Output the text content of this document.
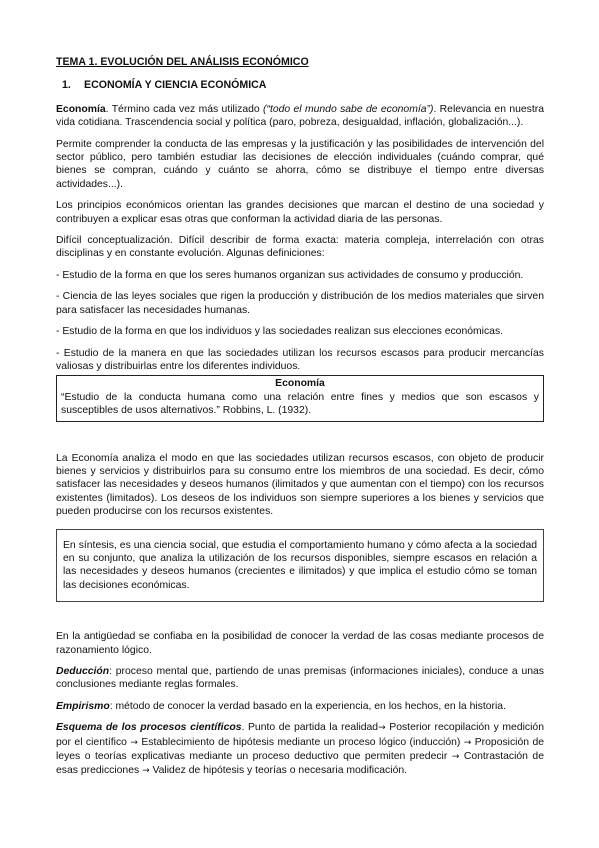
TEMA 1. EVOLUCIÓN DEL ANÁLISIS ECONÓMICO
1. ECONOMÍA Y CIENCIA ECONÓMICA

Economía. Término cada vez más utilizado (“todo el mundo sabe de economía”). Relevancia en nuestra vida cotidiana. Trascendencia social y política (paro, pobreza, desigualdad, inflación, globalización...).

Permite comprender la conducta de las empresas y la justificación y las posibilidades de intervención del sector público, pero también estudiar las decisiones de elección individuales (cuándo comprar, qué bienes se compran, cuándo y cuánto se ahorra, cómo se distribuye el tiempo entre diversas actividades...).

Los principios económicos orientan las grandes decisiones que marcan el destino de una sociedad y contribuyen a explicar esas otras que conforman la actividad diaria de las personas.

Difícil conceptualización. Difícil describir de forma exacta: materia compleja, interrelación con otras disciplinas y en constante evolución. Algunas definiciones:

- Estudio de la forma en que los seres humanos organizan sus actividades de consumo y producción.

- Ciencia de las leyes sociales que rigen la producción y distribución de los medios materiales que sirven para satisfacer las necesidades humanas.

- Estudio de la forma en que los individuos y las sociedades realizan sus elecciones económicas.

- Estudio de la manera en que las sociedades utilizan los recursos escasos para producir mercancías valiosas y distribuirlas entre los diferentes individuos.

Economía
“Estudio de la conducta humana como una relación entre fines y medios que son escasos y susceptibles de usos alternativos.” Robbins, L. (1932).

La Economía analiza el modo en que las sociedades utilizan recursos escasos, con objeto de producir bienes y servicios y distribuirlos para su consumo entre los miembros de una sociedad. Es decir, cómo satisfacer las necesidades y deseos humanos (ilimitados y que aumentan con el tiempo) con los recursos existentes (limitados). Los deseos de los individuos son siempre superiores a los bienes y servicios que pueden producirse con los recursos existentes.

En síntesis, es una ciencia social, que estudia el comportamiento humano y cómo afecta a la sociedad en su conjunto, que analiza la utilización de los recursos disponibles, siempre escasos en relación a las necesidades y deseos humanos (crecientes e ilimitados) y que implica el estudio cómo se toman las decisiones económicas.

En la antigüedad se confiaba en la posibilidad de conocer la verdad de las cosas mediante procesos de razonamiento lógico.

Deducción: proceso mental que, partiendo de unas premisas (informaciones iniciales), conduce a unas conclusiones mediante reglas formales.

Empirismo: método de conocer la verdad basado en la experiencia, en los hechos, en la historia.

Esquema de los procesos científicos. Punto de partida la realidad→ Posterior recopilación y medición por el científico → Establecimiento de hipótesis mediante un proceso lógico (inducción) → Proposición de leyes o teorías explicativas mediante un proceso deductivo que permiten predecir → Contrastación de esas predicciones → Validez de hipótesis y teorías o necesaria modificación.
